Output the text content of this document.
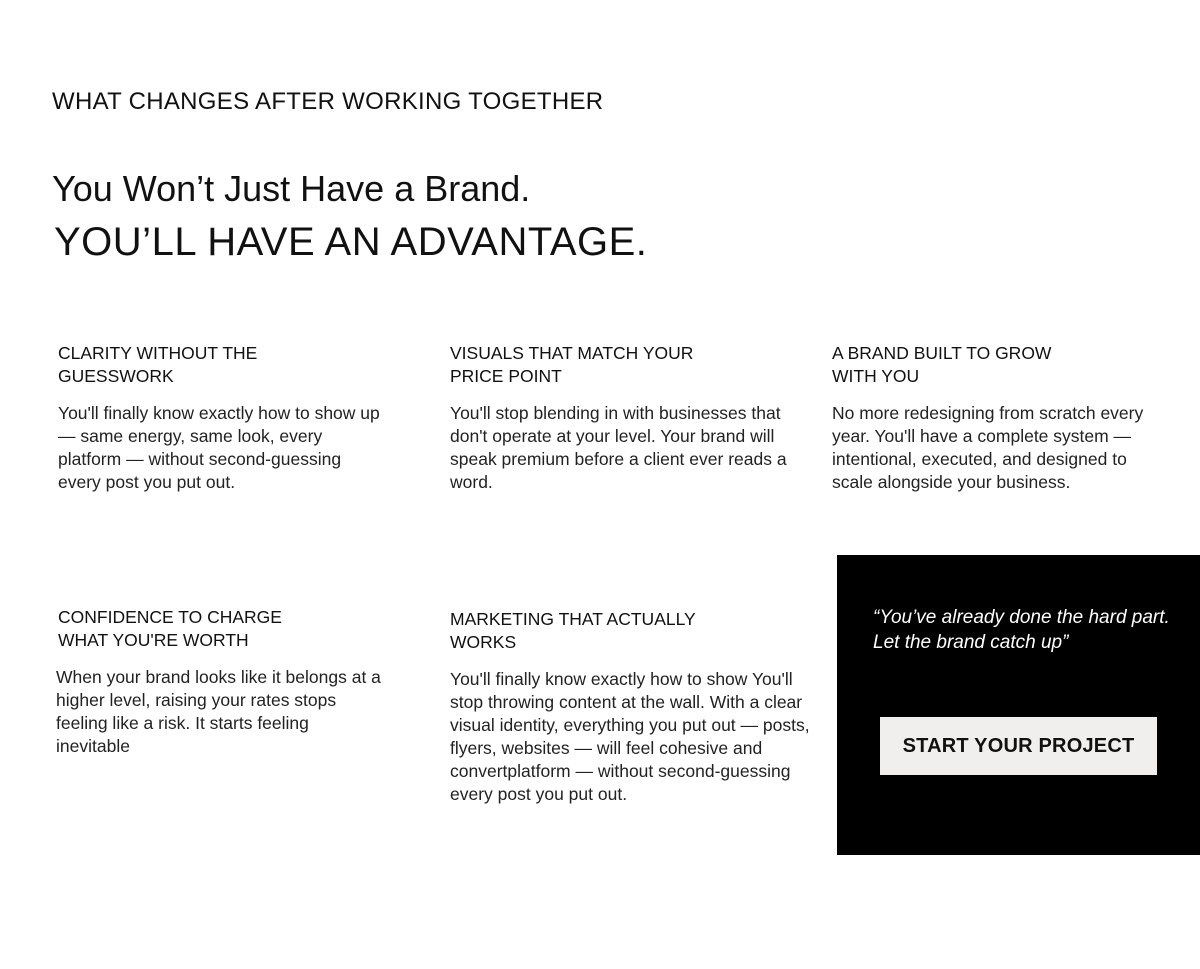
WHAT CHANGES AFTER WORKING TOGETHER
You Won’t Just Have a Brand.
YOU’LL HAVE AN ADVANTAGE.
CLARITY WITHOUT THE
GUESSWORK

You'll finally know exactly how to show up — same energy, same look, every platform — without second-guessing every post you put out.

VISUALS THAT MATCH YOUR
PRICE POINT

You'll stop blending in with businesses that don't operate at your level. Your brand will speak premium before a client ever reads a word.

A BRAND BUILT TO GROW
WITH YOU

No more redesigning from scratch every year. You'll have a complete system — intentional, executed, and designed to scale alongside your business.

CONFIDENCE TO CHARGE
WHAT YOU'RE WORTH

When your brand looks like it belongs at a higher level, raising your rates stops feeling like a risk. It starts feeling inevitable

MARKETING THAT ACTUALLY
WORKS

You'll finally know exactly how to show You'll stop throwing content at the wall. With a clear visual identity, everything you put out — posts, flyers, websites — will feel cohesive and convertplatform — without second-guessing every post you put out.

“You’ve already done the hard part. Let the brand catch up”
START YOUR PROJECT
